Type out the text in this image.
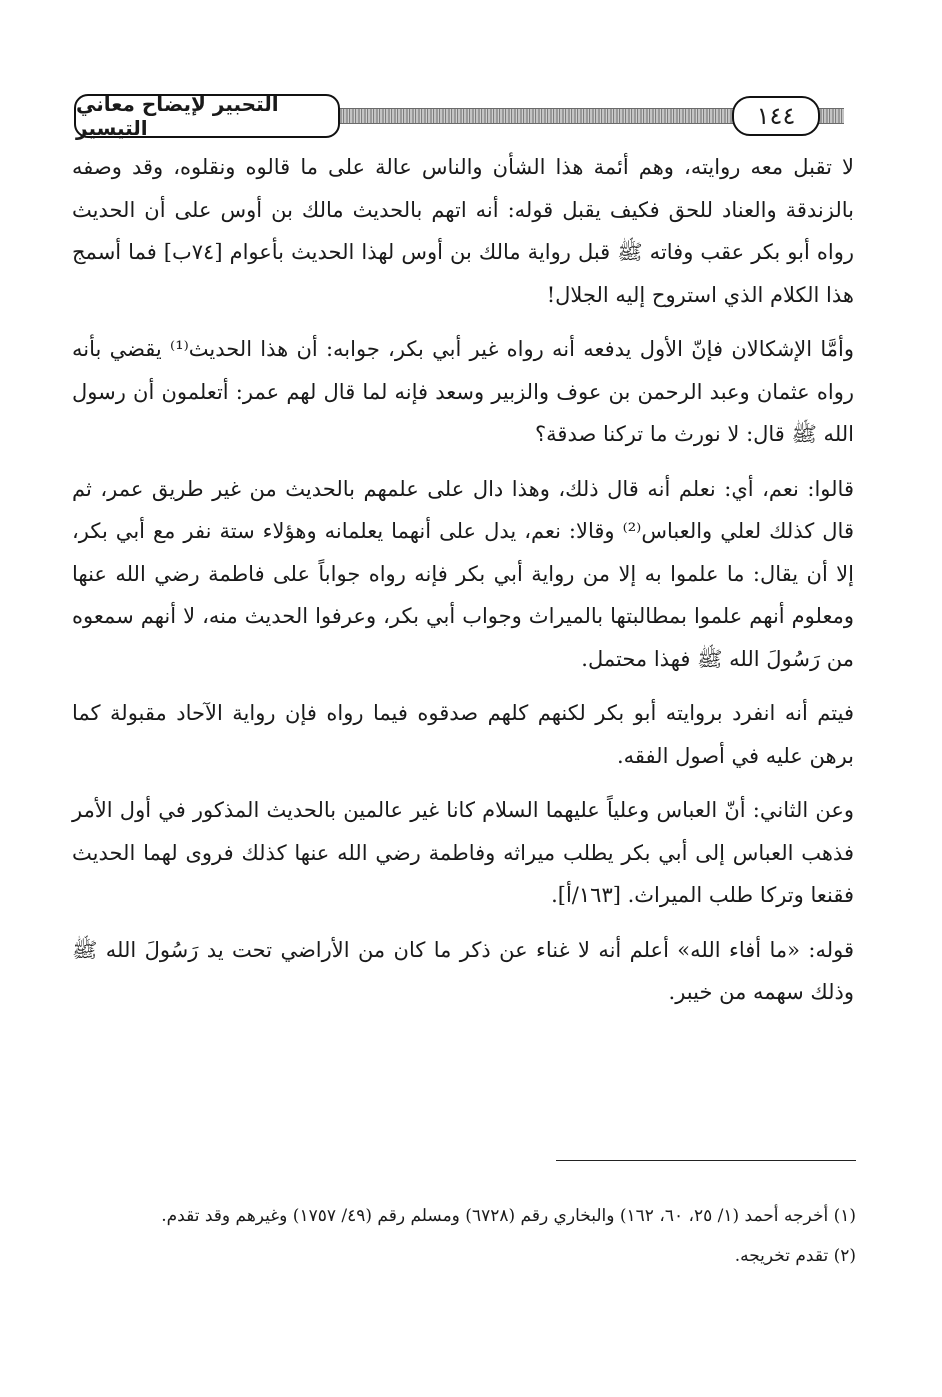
التحبير لإيضاح معاني التيسير	١٤٤

لا تقبل معه روايته، وهم أئمة هذا الشأن والناس عالة على ما قالوه ونقلوه، وقد وصفه بالزندقة والعناد للحق فكيف يقبل قوله: أنه اتهم بالحديث مالك بن أوس على أن الحديث رواه أبو بكر عقب وفاته ﷺ قبل رواية مالك بن أوس لهذا الحديث بأعوام [٧٤ب] فما أسمج هذا الكلام الذي استروح إليه الجلال!

وأمَّا الإشكالان فإنّ الأول يدفعه أنه رواه غير أبي بكر، جوابه: أن هذا الحديث⁽¹⁾ يقضي بأنه رواه عثمان وعبد الرحمن بن عوف والزبير وسعد فإنه لما قال لهم عمر: أتعلمون أن رسول الله ﷺ قال: لا نورث ما تركنا صدقة؟

قالوا: نعم، أي: نعلم أنه قال ذلك، وهذا دال على علمهم بالحديث من غير طريق عمر، ثم قال كذلك لعلي والعباس⁽²⁾ وقالا: نعم، يدل على أنهما يعلمانه وهؤلاء ستة نفر مع أبي بكر، إلا أن يقال: ما علموا به إلا من رواية أبي بكر فإنه رواه جواباً على فاطمة رضي الله عنها ومعلوم أنهم علموا بمطالبتها بالميراث وجواب أبي بكر، وعرفوا الحديث منه، لا أنهم سمعوه من رَسُولَ الله ﷺ فهذا محتمل.

فيتم أنه انفرد بروايته أبو بكر لكنهم كلهم صدقوه فيما رواه فإن رواية الآحاد مقبولة كما برهن عليه في أصول الفقه.

وعن الثاني: أنّ العباس وعلياً عليهما السلام كانا غير عالمين بالحديث المذكور في أول الأمر فذهب العباس إلى أبي بكر يطلب ميراثه وفاطمة رضي الله عنها كذلك فروى لهما الحديث فقنعا وتركا طلب الميراث. [١٦٣/أ].

قوله: «ما أفاء الله» أعلم أنه لا غناء عن ذكر ما كان من الأراضي تحت يد رَسُولَ الله ﷺ وذلك سهمه من خيبر.

(١) أخرجه أحمد (١/ ٢٥، ٦٠، ١٦٢) والبخاري رقم (٦٧٢٨) ومسلم رقم (٤٩/ ١٧٥٧) وغيرهم وقد تقدم.

(٢) تقدم تخريجه.
